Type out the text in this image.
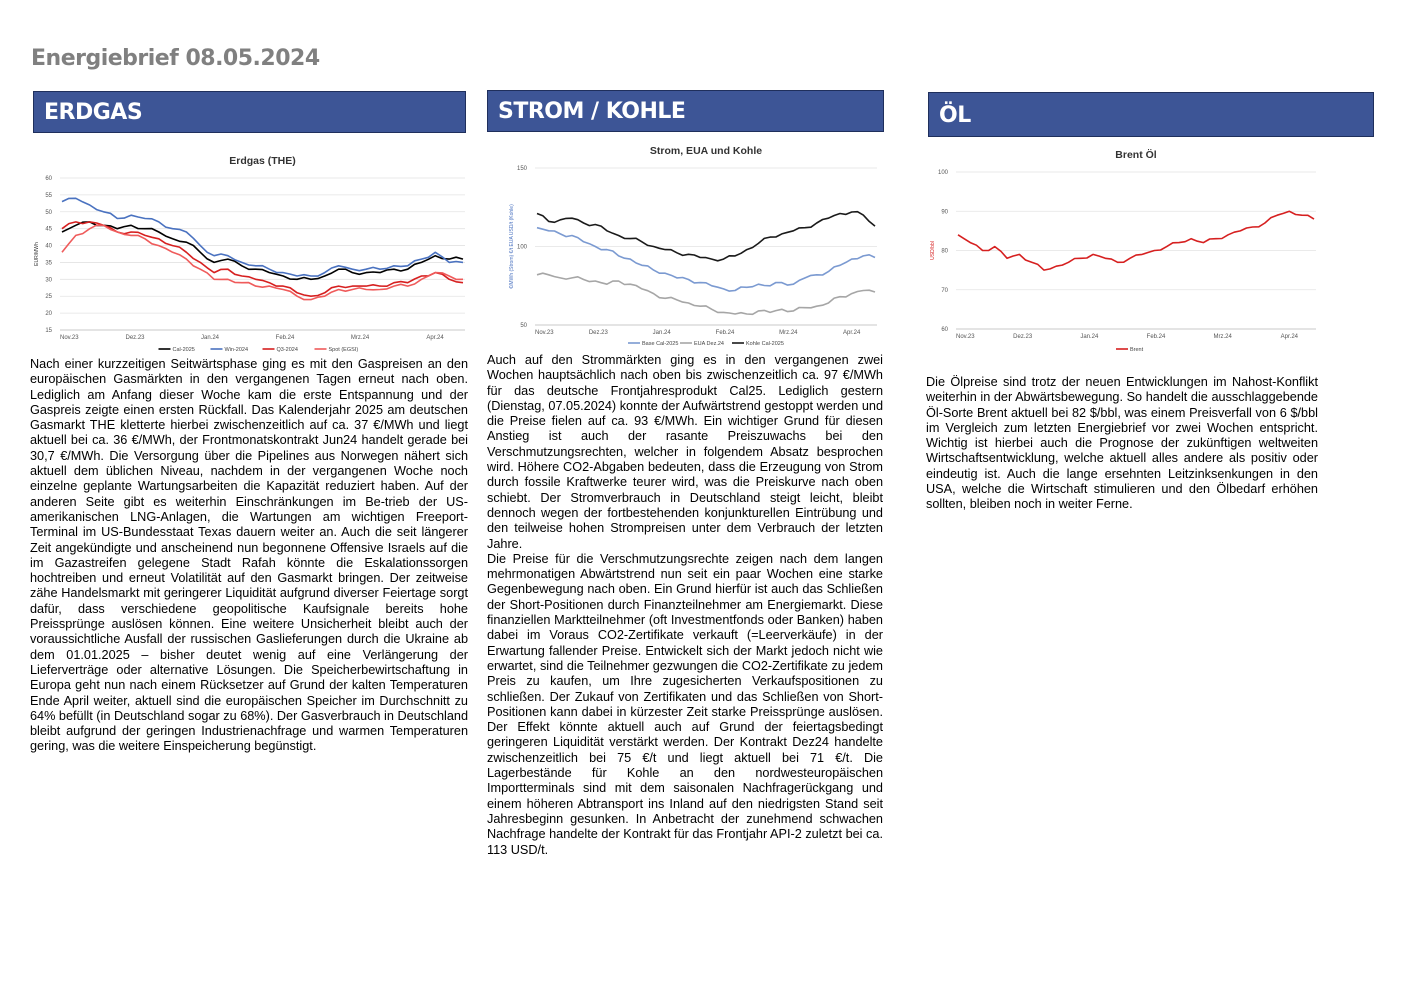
Energiebrief 08.05.2024
ERDGAS	STROM / KOHLE	ÖL
Erdgas (THE)
15
20
25
30
35
40
45
50
55
60
EUR/MWh
Nov.23	Dez.23	Jan.24	Feb.24	Mrz.24	Apr.24
Cal-2025	Win-2024	Q3-2024	Spot (EGSI)
Strom, EUA und Kohle
50
100
150
€/MWh (Strom) €/t EUA USD/t (Kohle)
Nov.23	Dez.23	Jan.24	Feb.24	Mrz.24	Apr.24
Base Cal-2025	EUA Dez.24	Kohle Cal-2025
Brent Öl
60
70
80
90
100
USD/bbl
Nov.23	Dez.23	Jan.24	Feb.24	Mrz.24	Apr.24
Brent

Nach einer kurzzeitigen Seitwärtsphase ging es mit den Gaspreisen an den europäischen Gasmärkten in den vergangenen Tagen erneut nach oben. Lediglich am Anfang dieser Woche kam die erste Entspannung und der Gaspreis zeigte einen ersten Rückfall. Das Kalenderjahr 2025 am deutschen Gasmarkt THE kletterte hierbei zwischenzeitlich auf ca. 37 €/MWh und liegt aktuell bei ca. 36 €/MWh, der Frontmonatskontrakt Jun24 handelt gerade bei 30,7 €/MWh. Die Versorgung über die Pipelines aus Norwegen nähert sich aktuell dem üblichen Niveau, nachdem in der vergangenen Woche noch einzelne geplante Wartungsarbeiten die Kapazität reduziert haben. Auf der anderen Seite gibt es weiterhin Einschränkungen im Be-trieb der US-amerikanischen LNG-Anlagen, die Wartungen am wichtigen Freeport-Terminal im US-Bundesstaat Texas dauern weiter an. Auch die seit längerer Zeit angekündigte und anscheinend nun begonnene Offensive Israels auf die im Gazastreifen gelegene Stadt Rafah könnte die Eskalationssorgen hochtreiben und erneut Volatilität auf den Gasmarkt bringen. Der zeitweise zähe Handelsmarkt mit geringerer Liquidität aufgrund diverser Feiertage sorgt dafür, dass verschiedene geopolitische Kaufsignale bereits hohe Preissprünge auslösen können. Eine weitere Unsicherheit bleibt auch der voraussichtliche Ausfall der russischen Gaslieferungen durch die Ukraine ab dem 01.01.2025 – bisher deutet wenig auf eine Verlängerung der Lieferverträge oder alternative Lösungen. Die Speicherbewirtschaftung in Europa geht nun nach einem Rücksetzer auf Grund der kalten Temperaturen Ende April weiter, aktuell sind die europäischen Speicher im Durchschnitt zu 64% befüllt (in Deutschland sogar zu 68%). Der Gasverbrauch in Deutschland bleibt aufgrund der geringen Industrienachfrage und warmen Temperaturen gering, was die weitere Einspeicherung begünstigt.

Auch auf den Strommärkten ging es in den vergangenen zwei Wochen hauptsächlich nach oben bis zwischenzeitlich ca. 97 €/MWh für das deutsche Frontjahresprodukt Cal25. Lediglich gestern (Dienstag, 07.05.2024) konnte der Aufwärtstrend gestoppt werden und die Preise fielen auf ca. 93 €/MWh. Ein wichtiger Grund für diesen Anstieg ist auch der rasante Preiszuwachs bei den Verschmutzungsrechten, welcher in folgendem Absatz besprochen wird. Höhere CO2-Abgaben bedeuten, dass die Erzeugung von Strom durch fossile Kraftwerke teurer wird, was die Preiskurve nach oben schiebt. Der Stromverbrauch in Deutschland steigt leicht, bleibt dennoch wegen der fortbestehenden konjunkturellen Eintrübung und den teilweise hohen Strompreisen unter dem Verbrauch der letzten Jahre.

Die Preise für die Verschmutzungsrechte zeigen nach dem langen mehrmonatigen Abwärtstrend nun seit ein paar Wochen eine starke Gegenbewegung nach oben. Ein Grund hierfür ist auch das Schließen der Short-Positionen durch Finanzteilnehmer am Energiemarkt. Diese finanziellen Marktteilnehmer (oft Investmentfonds oder Banken) haben dabei im Voraus CO2-Zertifikate verkauft (=Leerverkäufe) in der Erwartung fallender Preise. Entwickelt sich der Markt jedoch nicht wie erwartet, sind die Teilnehmer gezwungen die CO2-Zertifikate zu jedem Preis zu kaufen, um Ihre zugesicherten Verkaufspositionen zu schließen. Der Zukauf von Zertifikaten und das Schließen von Short-Positionen kann dabei in kürzester Zeit starke Preissprünge auslösen. Der Effekt könnte aktuell auch auf Grund der feiertagsbedingt geringeren Liquidität verstärkt werden. Der Kontrakt Dez24 handelte zwischenzeitlich bei 75 €/t und liegt aktuell bei 71 €/t. Die Lagerbestände für Kohle an den nordwesteuropäischen Importterminals sind mit dem saisonalen Nachfragerückgang und einem höheren Abtransport ins Inland auf den niedrigsten Stand seit Jahresbeginn gesunken. In Anbetracht der zunehmend schwachen Nachfrage handelte der Kontrakt für das Frontjahr API-2 zuletzt bei ca. 113 USD/t.

Die Ölpreise sind trotz der neuen Entwicklungen im Nahost-Konflikt weiterhin in der Abwärtsbewegung. So handelt die ausschlaggebende Öl-Sorte Brent aktuell bei 82 $/bbl, was einem Preisverfall von 6 $/bbl im Vergleich zum letzten Energiebrief vor zwei Wochen entspricht. Wichtig ist hierbei auch die Prognose der zukünftigen weltweiten Wirtschaftsentwicklung, welche aktuell alles andere als positiv oder eindeutig ist. Auch die lange ersehnten Leitzinksenkungen in den USA, welche die Wirtschaft stimulieren und den Ölbedarf erhöhen sollten, bleiben noch in weiter Ferne.
